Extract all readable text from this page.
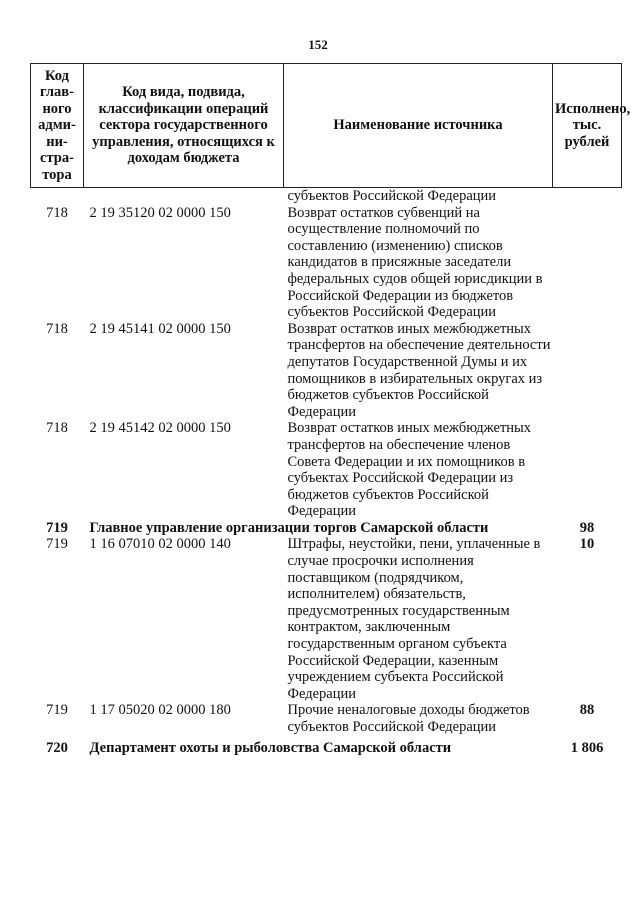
152
Код глав- ного адми- ни- стра- тора	Код вида, подвида, классификации операций сектора государственного управления, относящихся к доходам бюджета	Наименование источника	Исполнено, тыс. рублей
		субъектов Российской Федерации	
718	2 19 35120 02 0000 150	Возврат остатков субвенций на осуществление полномочий по составлению (изменению) списков кандидатов в присяжные заседатели федеральных судов общей юрисдикции в Российской Федерации из бюджетов субъектов Российской Федерации	
718	2 19 45141 02 0000 150	Возврат остатков иных межбюджетных трансфертов на обеспечение деятельности депутатов Государственной Думы и их помощников в избирательных округах из бюджетов субъектов Российской Федерации	
718	2 19 45142 02 0000 150	Возврат остатков иных межбюджетных трансфертов на обеспечение членов Совета Федерации и их помощников в субъектах Российской Федерации из бюджетов субъектов Российской Федерации	
719	Главное управление организации торгов Самарской области		98
719	1 16 07010 02 0000 140	Штрафы, неустойки, пени, уплаченные в случае просрочки исполнения поставщиком (подрядчиком, исполнителем) обязательств, предусмотренных государственным контрактом, заключенным государственным органом субъекта Российской Федерации, казенным учреждением субъекта Российской Федерации	10
719	1 17 05020 02 0000 180	Прочие неналоговые доходы бюджетов субъектов Российской Федерации	88
720	Департамент охоты и рыболовства Самарской области		1 806
